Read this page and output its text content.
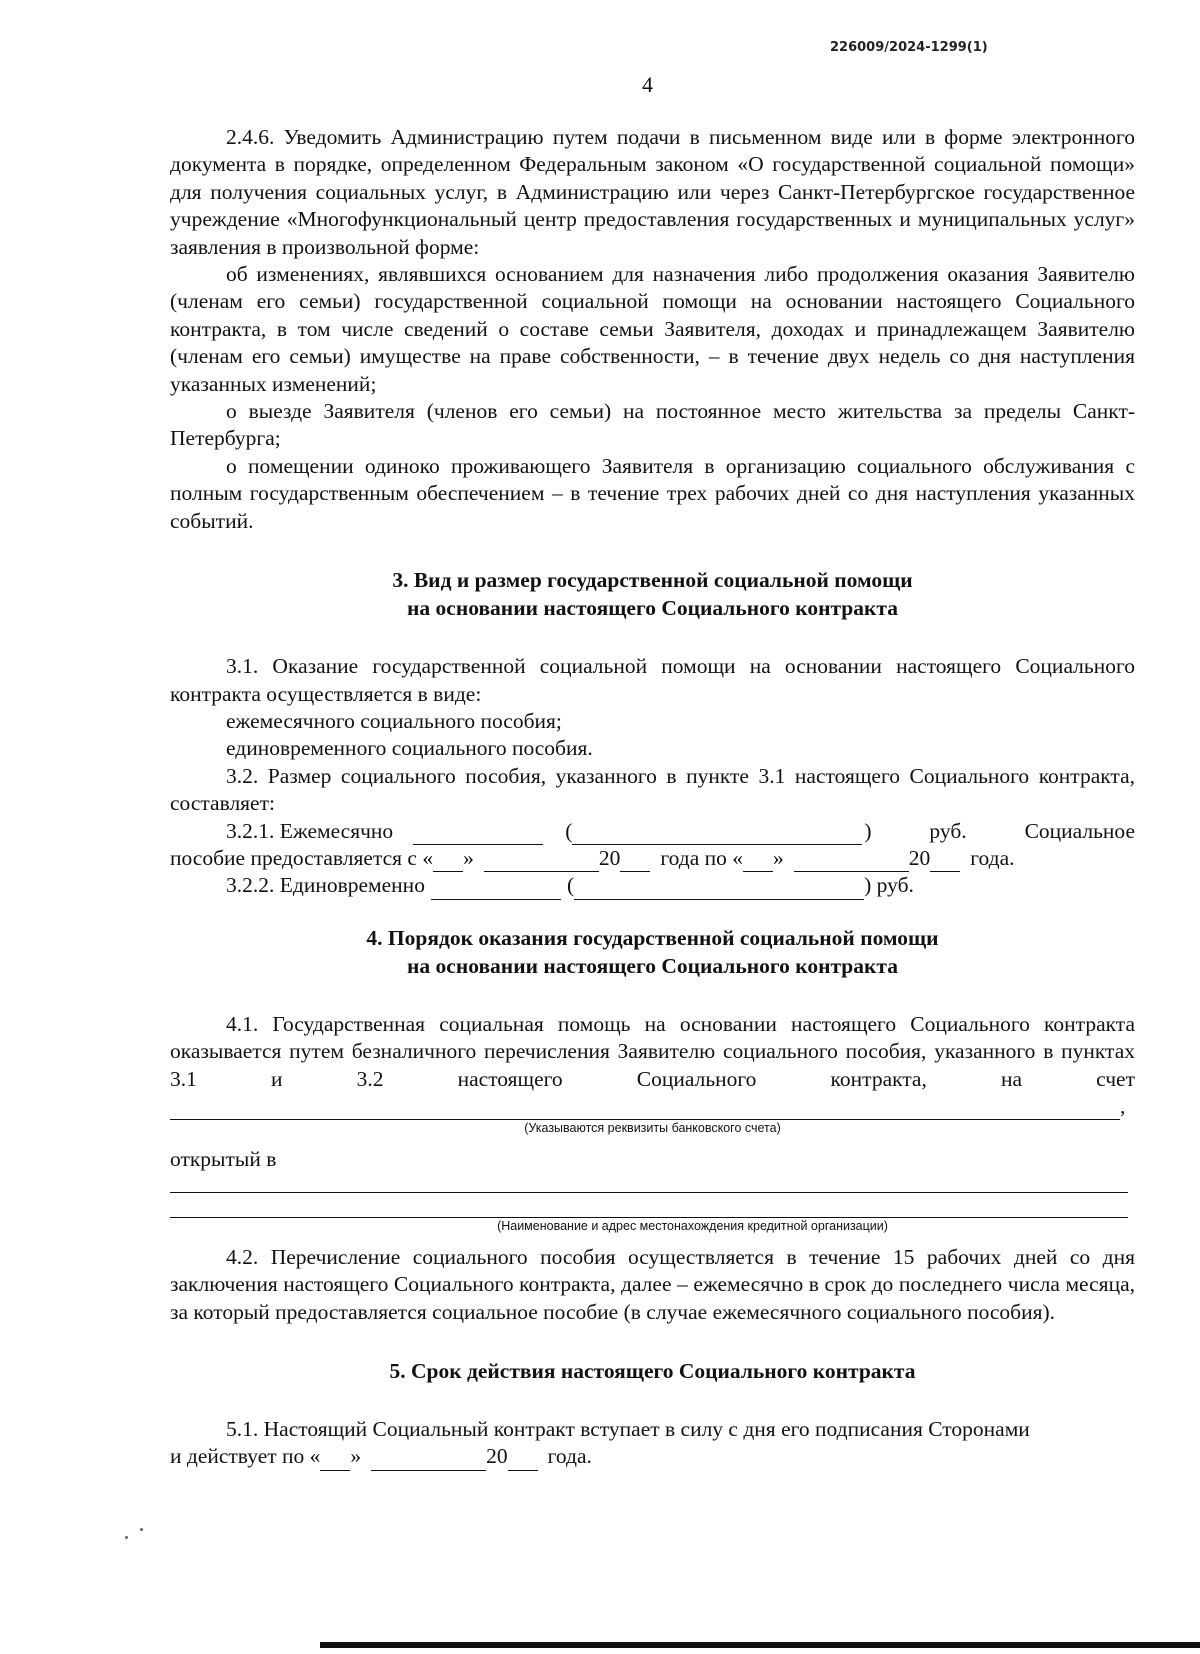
226009/2024-1299(1)
4

2.4.6. Уведомить Администрацию путем подачи в письменном виде или в форме электронного документа в порядке, определенном Федеральным законом «О государственной социальной помощи» для получения социальных услуг, в Администрацию или через Санкт-Петербургское государственное учреждение «Многофункциональный центр предоставления государственных и муниципальных услуг» заявления в произвольной форме:

об изменениях, являвшихся основанием для назначения либо продолжения оказания Заявителю (членам его семьи) государственной социальной помощи на основании настоящего Социального контракта, в том числе сведений о составе семьи Заявителя, доходах и принадлежащем Заявителю (членам его семьи) имуществе на праве собственности, – в течение двух недель со дня наступления указанных изменений;

о выезде Заявителя (членов его семьи) на постоянное место жительства за пределы Санкт-Петербурга;

о помещении одиноко проживающего Заявителя в организацию социального обслуживания с полным государственным обеспечением – в течение трех рабочих дней со дня наступления указанных событий.

3. Вид и размер государственной социальной помощи

на основании настоящего Социального контракта

3.1. Оказание государственной социальной помощи на основании настоящего Социального контракта осуществляется в виде:

ежемесячного социального пособия;

единовременного социального пособия.

3.2. Размер социального пособия, указанного в пункте 3.1 настоящего Социального контракта, составляет:

3.2.1. Ежемесячно	(	) руб. Социальное
пособие предоставляется с « »	20 года по « »	20 года.
3.2.2. Единовременно	(	) руб.

4. Порядок оказания государственной социальной помощи

на основании настоящего Социального контракта

4.1. Государственная социальная помощь на основании настоящего Социального контракта оказывается путем безналичного перечисления Заявителю социального пособия, указанного в пунктах 3.1 и 3.2 настоящего Социального контракта, на счет

,
(Указываются реквизиты банковского счета)

открытый в

(Наименование и адрес местонахождения кредитной организации)

4.2. Перечисление социального пособия осуществляется в течение 15 рабочих дней со дня заключения настоящего Социального контракта, далее – ежемесячно в срок до последнего числа месяца, за который предоставляется социальное пособие (в случае ежемесячного социального пособия).

5. Срок действия настоящего Социального контракта

5.1. Настоящий Социальный контракт вступает в силу с дня его подписания Сторонами

и действует по « »	20 года.
